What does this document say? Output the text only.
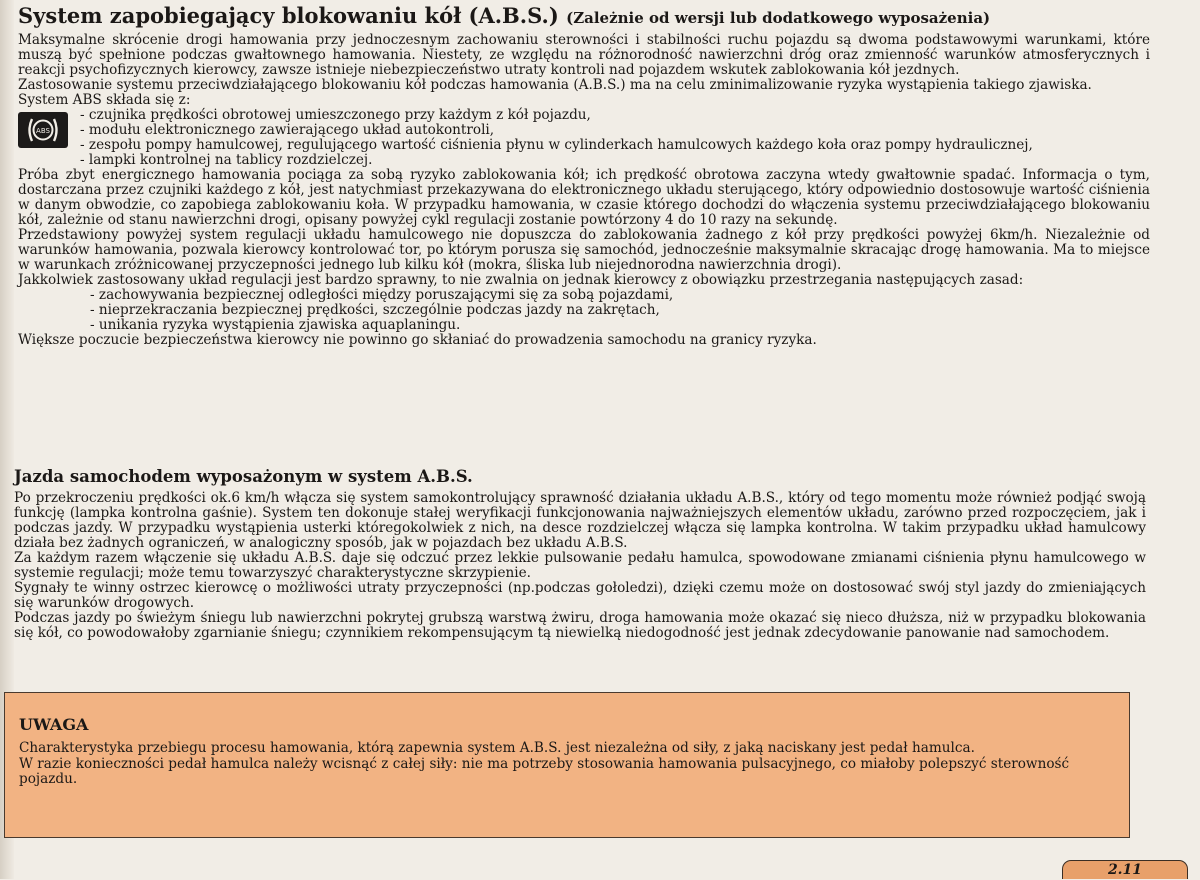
System zapobiegający blokowaniu kół (A.B.S.) (Zależnie od wersji lub dodatkowego wyposażenia)

Maksymalne skrócenie drogi hamowania przy jednoczesnym zachowaniu sterowności i stabilności ruchu pojazdu są dwoma podstawowymi warunkami, które muszą być spełnione podczas gwałtownego hamowania. Niestety, ze względu na różnorodność nawierzchni dróg oraz zmienność warunków atmosferycznych i reakcji psychofizycznych kierowcy, zawsze istnieje niebezpieczeństwo utraty kontroli nad pojazdem wskutek zablokowania kół jezdnych.

Zastosowanie systemu przeciwdziałającego blokowaniu kół podczas hamowania (A.B.S.) ma na celu zminimalizowanie ryzyka wystąpienia takiego zjawiska.

System ABS składa się z:

ABS
- czujnika prędkości obrotowej umieszczonego przy każdym z kół pojazdu,
- modułu elektronicznego zawierającego układ autokontroli,
- zespołu pompy hamulcowej, regulującego wartość ciśnienia płynu w cylinderkach hamulcowych każdego koła oraz pompy hydraulicznej,
- lampki kontrolnej na tablicy rozdzielczej.

Próba zbyt energicznego hamowania pociąga za sobą ryzyko zablokowania kół; ich prędkość obrotowa zaczyna wtedy gwałtownie spadać. Informacja o tym, dostarczana przez czujniki każdego z kół, jest natychmiast przekazywana do elektronicznego układu sterującego, który odpowiednio dostosowuje wartość ciśnienia w danym obwodzie, co zapobiega zablokowaniu koła. W przypadku hamowania, w czasie którego dochodzi do włączenia systemu przeciwdziałającego blokowaniu kół, zależnie od stanu nawierzchni drogi, opisany powyżej cykl regulacji zostanie powtórzony 4 do 10 razy na sekundę.

Przedstawiony powyżej system regulacji układu hamulcowego nie dopuszcza do zablokowania żadnego z kół przy prędkości powyżej 6km/h. Niezależnie od warunków hamowania, pozwala kierowcy kontrolować tor, po którym porusza się samochód, jednocześnie maksymalnie skracając drogę hamowania. Ma to miejsce w warunkach zróżnicowanej przyczepności jednego lub kilku kół (mokra, śliska lub niejednorodna nawierzchnia drogi).

Jakkolwiek zastosowany układ regulacji jest bardzo sprawny, to nie zwalnia on jednak kierowcy z obowiązku przestrzegania następujących zasad:

- zachowywania bezpiecznej odległości między poruszającymi się za sobą pojazdami,
- nieprzekraczania bezpiecznej prędkości, szczególnie podczas jazdy na zakrętach,
- unikania ryzyka wystąpienia zjawiska aquaplaningu.

Większe poczucie bezpieczeństwa kierowcy nie powinno go skłaniać do prowadzenia samochodu na granicy ryzyka.

Jazda samochodem wyposażonym w system A.B.S.

Po przekroczeniu prędkości ok.6 km/h włącza się system samokontrolujący sprawność działania układu A.B.S., który od tego momentu może również podjąć swoją funkcję (lampka kontrolna gaśnie). System ten dokonuje stałej weryfikacji funkcjonowania najważniejszych elementów układu, zarówno przed rozpoczęciem, jak i podczas jazdy. W przypadku wystąpienia usterki któregokolwiek z nich, na desce rozdzielczej włącza się lampka kontrolna. W takim przypadku układ hamulcowy działa bez żadnych ograniczeń, w analogiczny sposób, jak w pojazdach bez układu A.B.S.

Za każdym razem włączenie się układu A.B.S. daje się odczuć przez lekkie pulsowanie pedału hamulca, spowodowane zmianami ciśnienia płynu hamulcowego w systemie regulacji; może temu towarzyszyć charakterystyczne skrzypienie.

Sygnały te winny ostrzec kierowcę o możliwości utraty przyczepności (np.podczas gołoledzi), dzięki czemu może on dostosować swój styl jazdy do zmieniających się warunków drogowych.

Podczas jazdy po świeżym śniegu lub nawierzchni pokrytej grubszą warstwą żwiru, droga hamowania może okazać się nieco dłuższa, niż w przypadku blokowania się kół, co powodowałoby zgarnianie śniegu; czynnikiem rekompensującym tą niewielką niedogodność jest jednak zdecydowanie panowanie nad samochodem.

UWAGA

Charakterystyka przebiegu procesu hamowania, którą zapewnia system A.B.S. jest niezależna od siły, z jaką naciskany jest pedał hamulca.

W razie konieczności pedał hamulca należy wcisnąć z całej siły: nie ma potrzeby stosowania hamowania pulsacyjnego, co miałoby polepszyć sterowność pojazdu.

2.11
